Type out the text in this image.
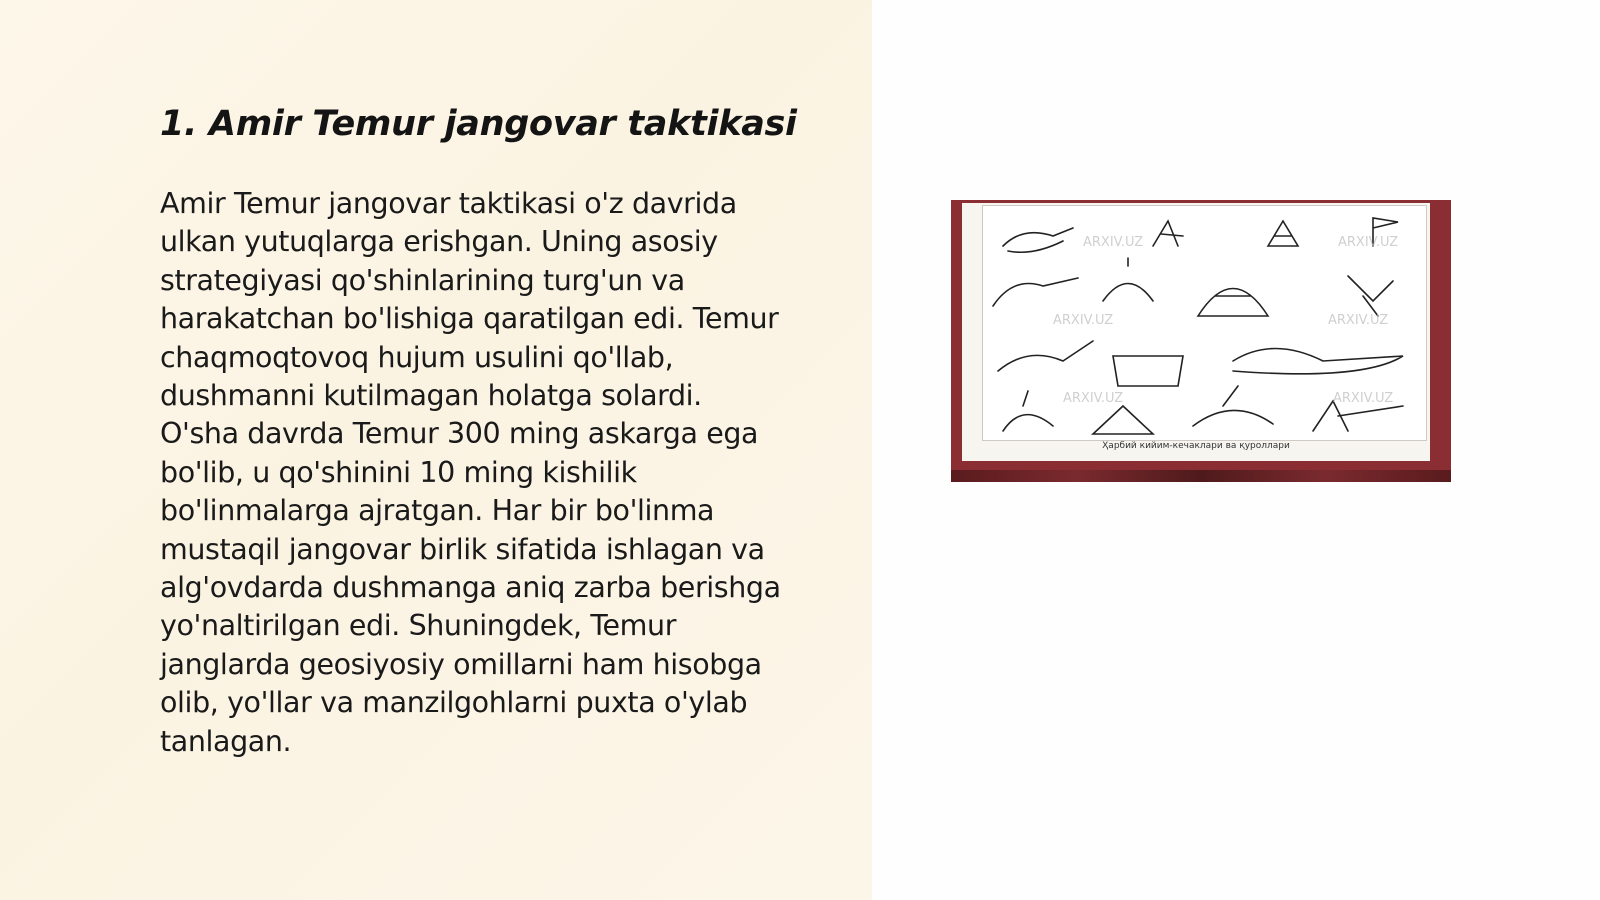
1. Amir Temur jangovar taktikasi
Amir Temur jangovar taktikasi o'z davrida
ulkan yutuqlarga erishgan. Uning asosiy
strategiyasi qo'shinlarining turg'un va
harakatchan bo'lishiga qaratilgan edi. Temur
chaqmoqtovoq hujum usulini qo'llab,
dushmanni kutilmagan holatga solardi.
O'sha davrda Temur 300 ming askarga ega
bo'lib, u qo'shinini 10 ming kishilik
bo'linmalarga ajratgan. Har bir bo'linma
mustaqil jangovar birlik sifatida ishlagan va
alg'ovdarda dushmanga aniq zarba berishga
yo'naltirilgan edi. Shuningdek, Temur
janglarda geosiyosiy omillarni ham hisobga
olib, yo'llar va manzilgohlarni puxta o'ylab
tanlagan.
ARXIV.UZ	ARXIV.UZ
ARXIV.UZ	ARXIV.UZ
ARXIV.UZ	ARXIV.UZ
Ҳарбий кийим-кечаклари ва қуроллари
